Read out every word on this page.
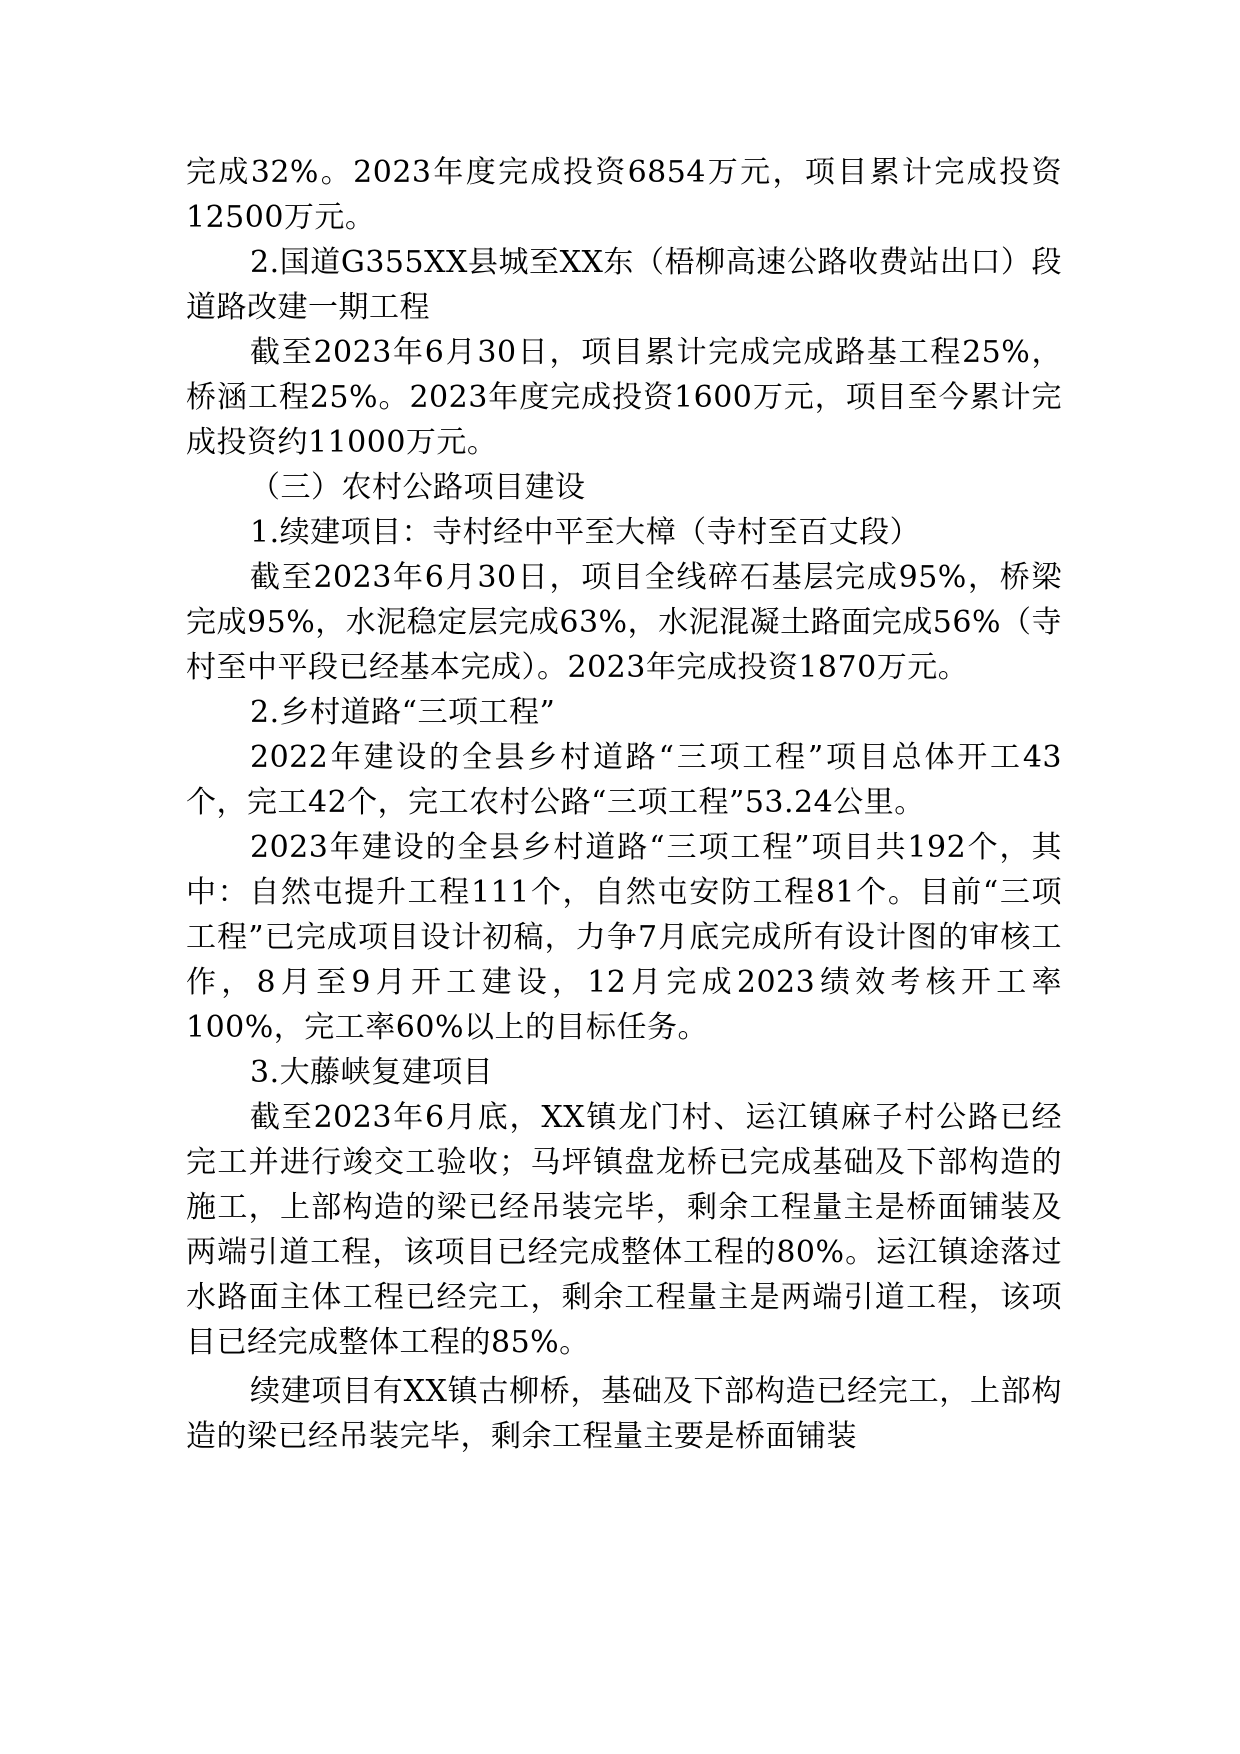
完成32%。2023年度完成投资6854万元，项目累计完成投资12500万元。

2.国道G355XX县城至XX东（梧柳高速公路收费站出口）段道路改建一期工程

截至2023年6月30日，项目累计完成完成路基工程25%，桥涵工程25%。2023年度完成投资1600万元，项目至今累计完成投资约11000万元。

（三）农村公路项目建设

1.续建项目：寺村经中平至大樟（寺村至百丈段）

截至2023年6月30日，项目全线碎石基层完成95%，桥梁完成95%，水泥稳定层完成63%，水泥混凝土路面完成56%（寺村至中平段已经基本完成）。2023年完成投资1870万元。

2.乡村道路“三项工程”

2022年建设的全县乡村道路“三项工程”项目总体开工43个，完工42个，完工农村公路“三项工程”53.24公里。

2023年建设的全县乡村道路“三项工程”项目共192个，其中：自然屯提升工程111个，自然屯安防工程81个。目前“三项工程”已完成项目设计初稿，力争7月底完成所有设计图的审核工作，8月至9月开工建设，12月完成2023绩效考核开工率100%，完工率60%以上的目标任务。

3.大藤峡复建项目

截至2023年6月底，XX镇龙门村、运江镇麻子村公路已经完工并进行竣交工验收；马坪镇盘龙桥已完成基础及下部构造的施工，上部构造的梁已经吊装完毕，剩余工程量主是桥面铺装及两端引道工程，该项目已经完成整体工程的80%。运江镇途落过水路面主体工程已经完工，剩余工程量主是两端引道工程，该项目已经完成整体工程的85%。

续建项目有XX镇古柳桥，基础及下部构造已经完工，上部构造的梁已经吊装完毕，剩余工程量主要是桥面铺装
